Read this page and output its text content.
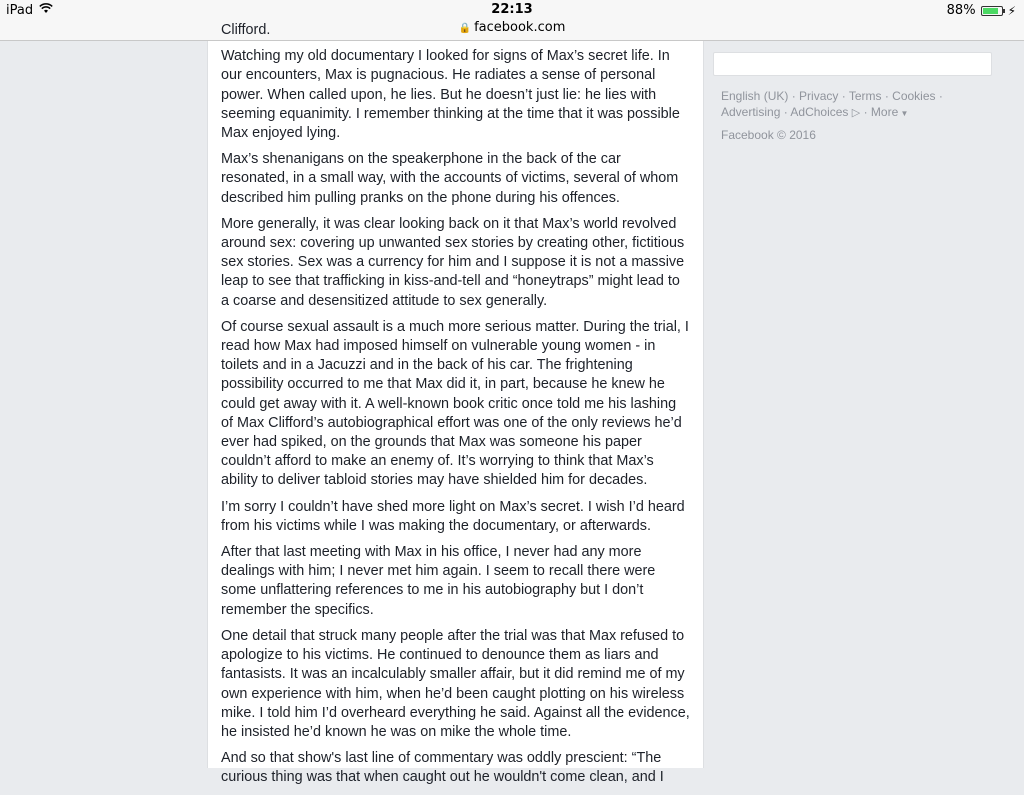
iPad	22:13	88%	⚡
🔒 facebook.com

Clifford.

Watching my old documentary I looked for signs of Max’s secret life. In our encounters, Max is pugnacious. He radiates a sense of personal power. When called upon, he lies. But he doesn’t just lie: he lies with seeming equanimity. I remember thinking at the time that it was possible Max enjoyed lying.

Max’s shenanigans on the speakerphone in the back of the car resonated, in a small way, with the accounts of victims, several of whom described him pulling pranks on the phone during his offences.

More generally, it was clear looking back on it that Max’s world revolved around sex: covering up unwanted sex stories by creating other, fictitious sex stories. Sex was a currency for him and I suppose it is not a massive leap to see that trafficking in kiss-and-tell and “honeytraps” might lead to a coarse and desensitized attitude to sex generally.

Of course sexual assault is a much more serious matter. During the trial, I read how Max had imposed himself on vulnerable young women - in toilets and in a Jacuzzi and in the back of his car. The frightening possibility occurred to me that Max did it, in part, because he knew he could get away with it. A well-known book critic once told me his lashing of Max Clifford’s autobiographical effort was one of the only reviews he’d ever had spiked, on the grounds that Max was someone his paper couldn’t afford to make an enemy of. It’s worrying to think that Max’s ability to deliver tabloid stories may have shielded him for decades.

I’m sorry I couldn’t have shed more light on Max’s secret. I wish I’d heard from his victims while I was making the documentary, or afterwards.

After that last meeting with Max in his office, I never had any more dealings with him; I never met him again. I seem to recall there were some unflattering references to me in his autobiography but I don’t remember the specifics.

One detail that struck many people after the trial was that Max refused to apologize to his victims. He continued to denounce them as liars and fantasists. It was an incalculably smaller affair, but it did remind me of my own experience with him, when he’d been caught plotting on his wireless mike. I told him I’d overheard everything he said. Against all the evidence, he insisted he’d known he was on mike the whole time.

And so that show's last line of commentary was oddly prescient: “The curious thing was that when caught out he wouldn't come clean, and I

English (UK) · Privacy · Terms · Cookies · Advertising · AdChoices ▷ · More ▼
Facebook © 2016
